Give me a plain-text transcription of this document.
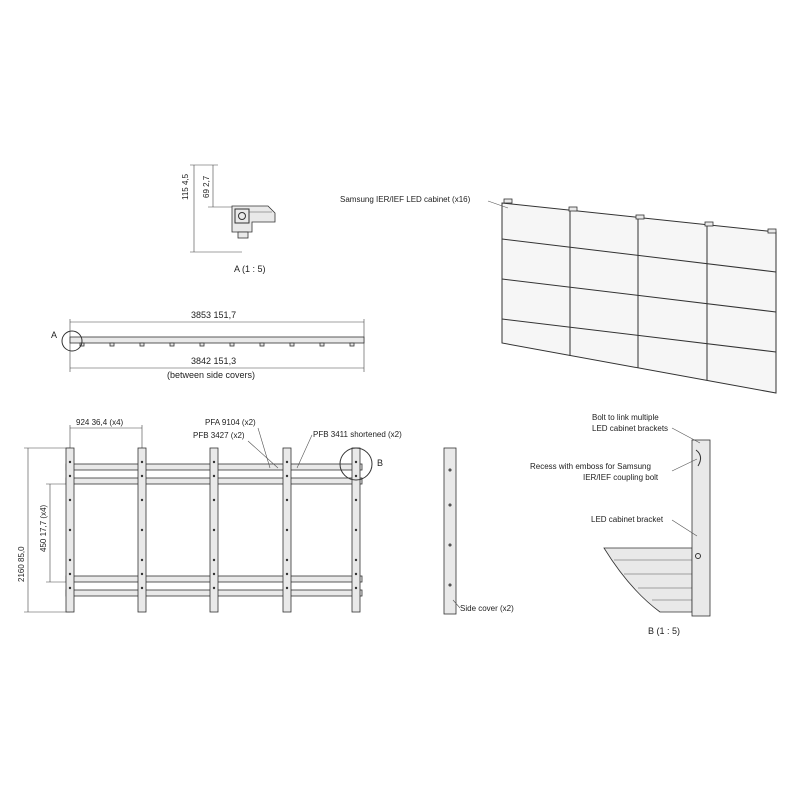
115 4,5
69 2,7
A (1 : 5)
3853 151,7
3842 151,3
(between side covers)
A
924 36,4 (x4)
2160 85,0
450 17,7 (x4)
PFA 9104 (x2)
PFB 3427 (x2)	PFB 3411 shortened (x2)
B
Side cover (x2)
Samsung IER/IEF LED cabinet (x16)
Bolt to link multiple
LED cabinet brackets
Recess with emboss for Samsung
IER/IEF coupling bolt
LED cabinet bracket
B (1 : 5)
